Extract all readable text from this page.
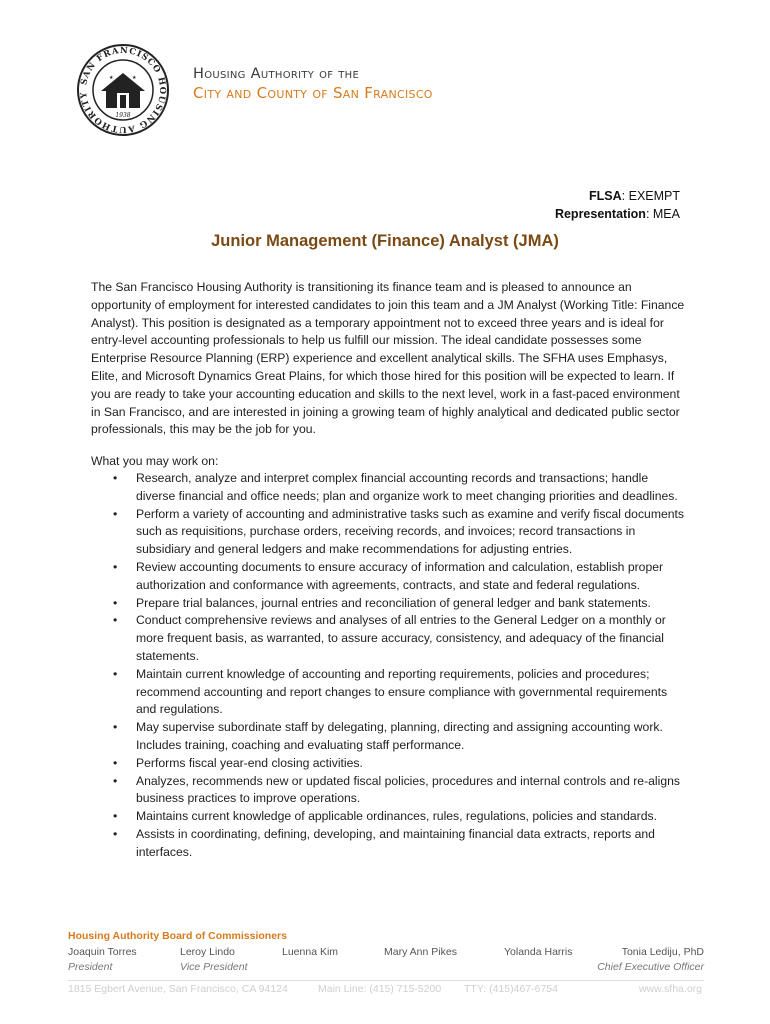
SAN FRANCISCO HOUSING AUTHORITY
★	★
1938
Housing Authority of the
City and County of San Francisco
FLSA: EXEMPT
Representation: MEA
Junior Management (Finance) Analyst (JMA)

The San Francisco Housing Authority is transitioning its finance team and is pleased to announce an opportunity of employment for interested candidates to join this team and a JM Analyst (Working Title: Finance Analyst). This position is designated as a temporary appointment not to exceed three years and is ideal for entry-level accounting professionals to help us fulfill our mission. The ideal candidate possesses some Enterprise Resource Planning (ERP) experience and excellent analytical skills. The SFHA uses Emphasys, Elite, and Microsoft Dynamics Great Plains, for which those hired for this position will be expected to learn. If you are ready to take your accounting education and skills to the next level, work in a fast-paced environment in San Francisco, and are interested in joining a growing team of highly analytical and dedicated public sector professionals, this may be the job for you.

What you may work on:

• Research, analyze and interpret complex financial accounting records and transactions; handle diverse financial and office needs; plan and organize work to meet changing priorities and deadlines.
• Perform a variety of accounting and administrative tasks such as examine and verify fiscal documents such as requisitions, purchase orders, receiving records, and invoices; record transactions in subsidiary and general ledgers and make recommendations for adjusting entries.
• Review accounting documents to ensure accuracy of information and calculation, establish proper authorization and conformance with agreements, contracts, and state and federal regulations.
• Prepare trial balances, journal entries and reconciliation of general ledger and bank statements.
• Conduct comprehensive reviews and analyses of all entries to the General Ledger on a monthly or more frequent basis, as warranted, to assure accuracy, consistency, and adequacy of the financial statements.
• Maintain current knowledge of accounting and reporting requirements, policies and procedures; recommend accounting and report changes to ensure compliance with governmental requirements and regulations.
• May supervise subordinate staff by delegating, planning, directing and assigning accounting work. Includes training, coaching and evaluating staff performance.
• Performs fiscal year-end closing activities.
• Analyzes, recommends new or updated fiscal policies, procedures and internal controls and re-aligns business practices to improve operations.
• Maintains current knowledge of applicable ordinances, rules, regulations, policies and standards.
• Assists in coordinating, defining, developing, and maintaining financial data extracts, reports and interfaces.
Housing Authority Board of Commissioners
Joaquin Torres
President
Leroy Lindo
Vice President
Luenna Kim	Mary Ann Pikes	Yolanda Harris	Tonia Lediju, PhD
Chief Executive Officer
1815 Egbert Avenue, San Francisco, CA 94124	Main Line: (415) 715-5200 TTY: (415)467-6754	www.sfha.org
